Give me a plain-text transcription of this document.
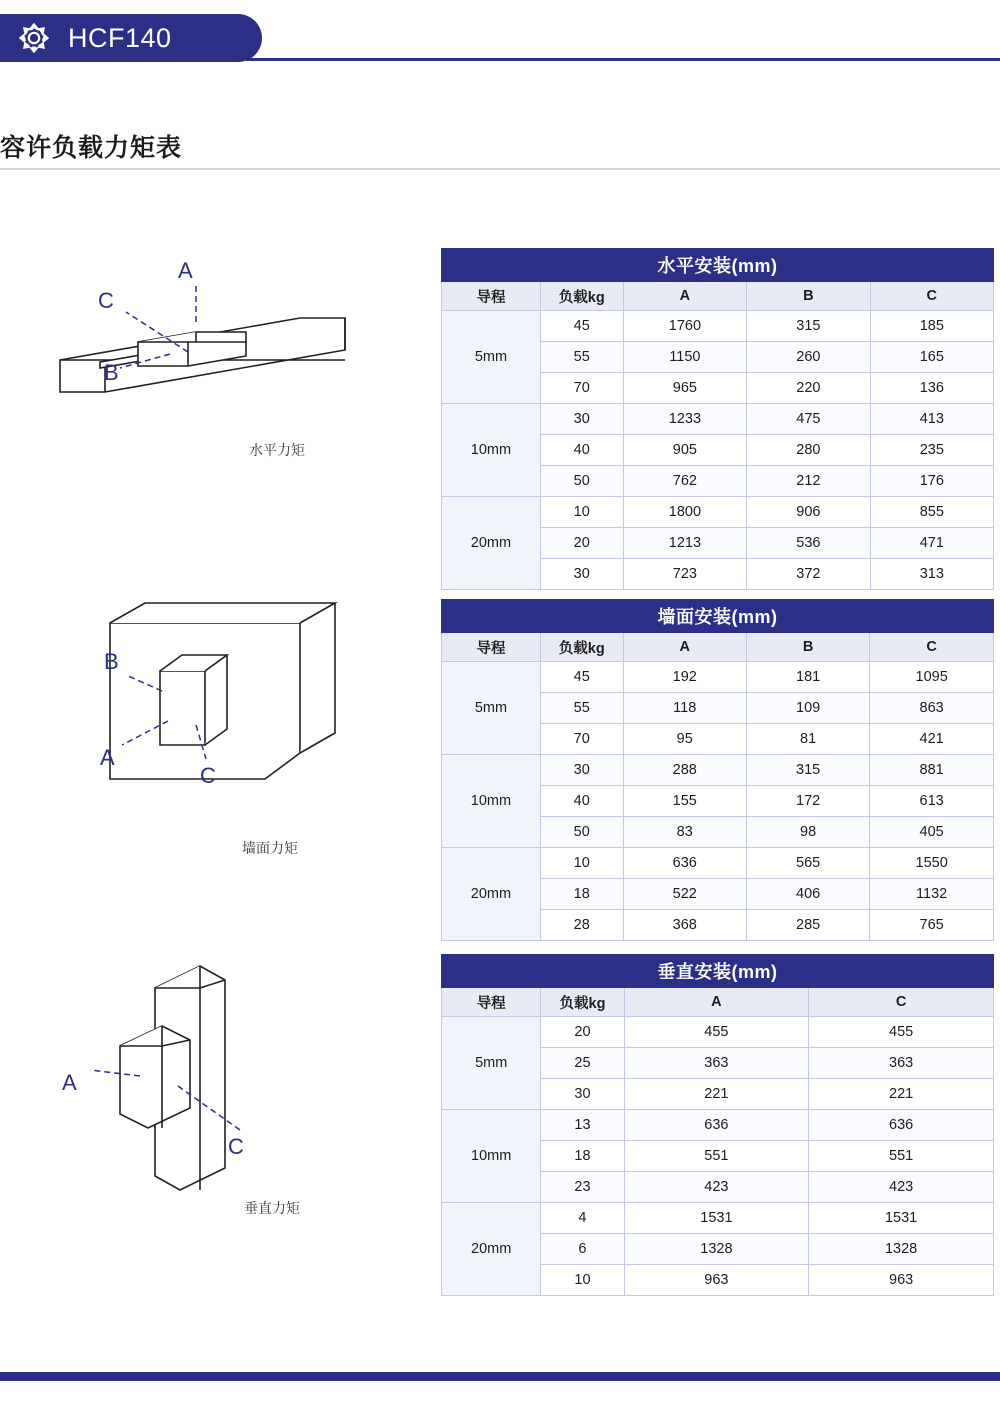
HCF140
容许负载力矩表
A
C
B
水平力矩
水平安装(mm)				
导程	负载kg	A	B	C
5mm	45	1760	315	185
	55	1150	260	165
	70	965	220	136
10mm	30	1233	475	413
	40	905	280	235
	50	762	212	176
20mm	10	1800	906	855
	20	1213	536	471
	30	723	372	313
B
A
C
墙面力矩
墙面安装(mm)				
导程	负载kg	A	B	C
5mm	45	192	181	1095
	55	118	109	863
	70	95	81	421
10mm	30	288	315	881
	40	155	172	613
	50	83	98	405
20mm	10	636	565	1550
	18	522	406	1132
	28	368	285	765
A
C
垂直力矩
垂直安装(mm)			
导程	负载kg	A	C
5mm	20	455	455
	25	363	363
	30	221	221
10mm	13	636	636
	18	551	551
	23	423	423
20mm	4	1531	1531
	6	1328	1328
	10	963	963
